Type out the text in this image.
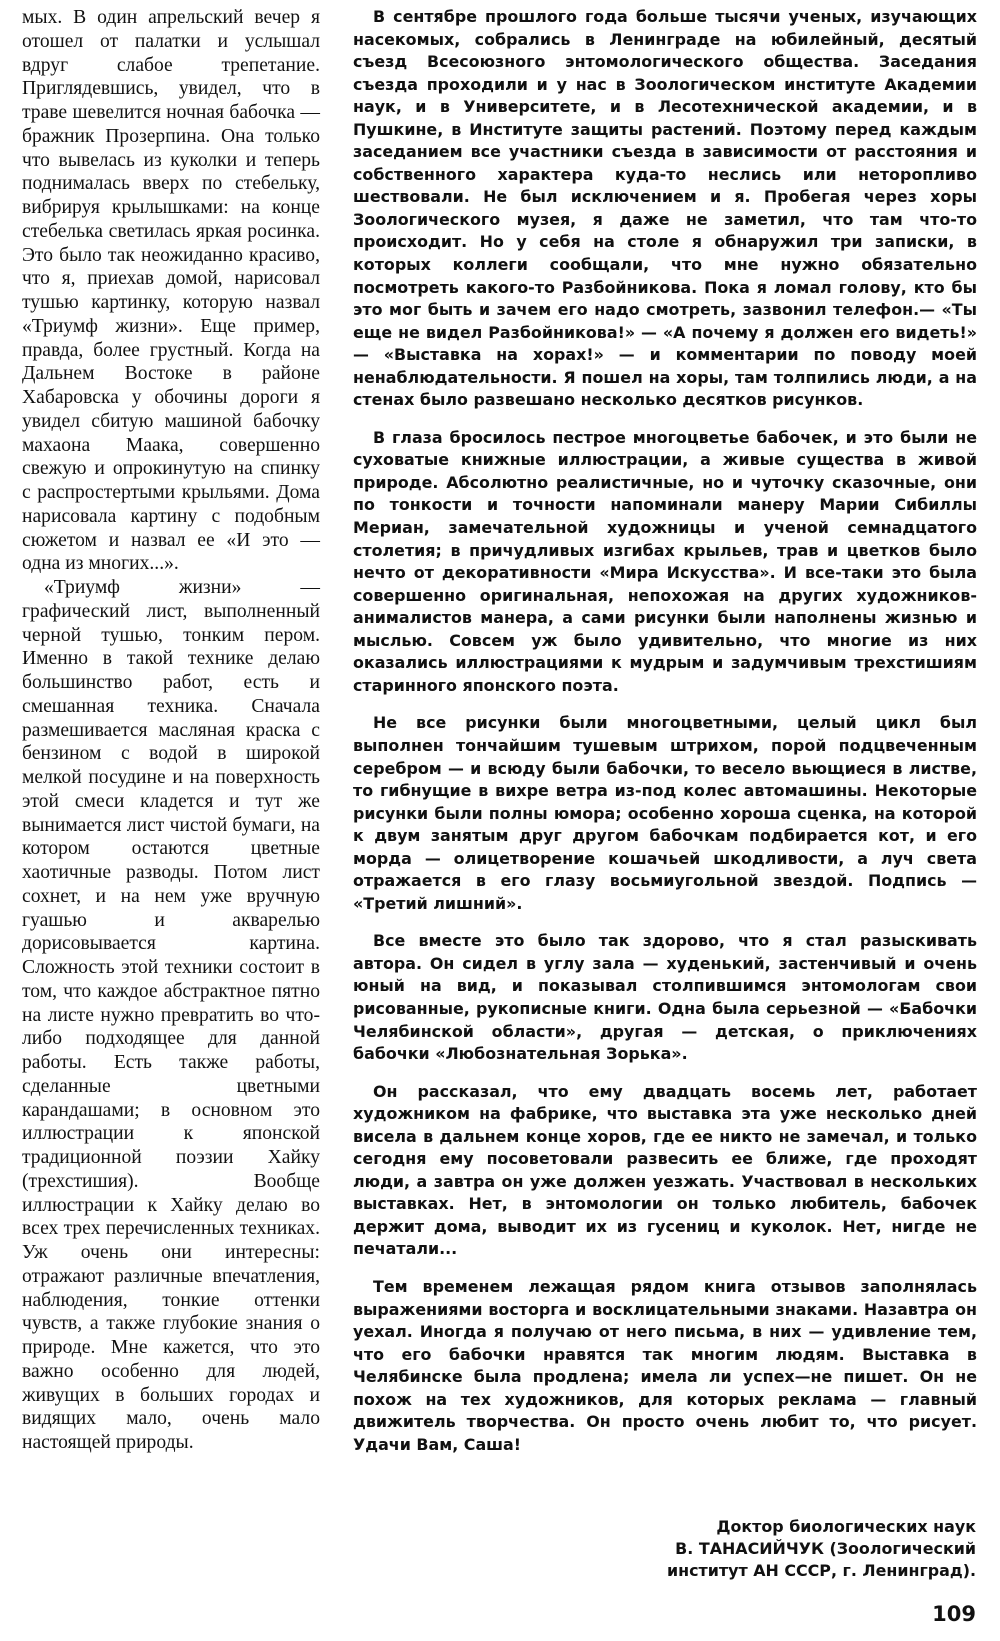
мых. В один апрельский вечер я отошел от палатки и услышал вдруг слабое трепетание. Приглядевшись, увидел, что в траве шевелится ночная бабочка — бражник Прозерпина. Она только что вывелась из куколки и теперь поднималась вверх по стебельку, вибрируя крылышками: на конце стебелька светилась яркая росинка. Это было так неожиданно красиво, что я, приехав домой, нарисовал тушью картинку, которую назвал «Триумф жизни». Еще пример, правда, более грустный. Когда на Дальнем Востоке в районе Хабаровска у обочины дороги я увидел сбитую машиной бабочку махаона Маака, совершенно свежую и опрокинутую на спинку с распростертыми крыльями. Дома нарисовала картину с подобным сюжетом и назвал ее «И это — одна из многих...».

«Триумф жизни» — графический лист, выполненный черной тушью, тонким пером. Именно в такой технике делаю большинство работ, есть и смешанная техника. Сначала размешивается масляная краска с бензином с водой в широкой мелкой посудине и на поверхность этой смеси кладется и тут же вынимается лист чистой бумаги, на котором остаются цветные хаотичные разводы. Потом лист сохнет, и на нем уже вручную гуашью и акварелью дорисовывается картина. Сложность этой техники состоит в том, что каждое абстрактное пятно на листе нужно превратить во что-либо подходящее для данной работы. Есть также работы, сделанные цветными карандашами; в основном это иллюстрации к японской традиционной поэзии Хайку (трехстишия). Вообще иллюстрации к Хайку делаю во всех трех перечисленных техниках. Уж очень они интересны: отражают различные впечатления, наблюдения, тонкие оттенки чувств, а также глубокие знания о природе. Мне кажется, что это важно особенно для людей, живущих в больших городах и видящих мало, очень мало настоящей природы.

В сентябре прошлого года больше тысячи ученых, изучающих насекомых, собрались в Ленинграде на юбилейный, десятый съезд Всесоюзного энтомологического общества. Заседания съезда проходили и у нас в Зоологическом институте Академии наук, и в Университете, и в Лесотехнической академии, и в Пушкине, в Институте защиты растений. Поэтому перед каждым заседанием все участники съезда в зависимости от расстояния и собственного характера куда-то неслись или неторопливо шествовали. Не был исключением и я. Пробегая через хоры Зоологического музея, я даже не заметил, что там что-то происходит. Но у себя на столе я обнаружил три записки, в которых коллеги сообщали, что мне нужно обязательно посмотреть какого-то Разбойникова. Пока я ломал голову, кто бы это мог быть и зачем его надо смотреть, зазвонил телефон.— «Ты еще не видел Разбойникова!» — «А почему я должен его видеть!» — «Выставка на хорах!» — и комментарии по поводу моей ненаблюдательности. Я пошел на хоры, там толпились люди, а на стенах было развешано несколько десятков рисунков.

В глаза бросилось пестрое многоцветье бабочек, и это были не суховатые книжные иллюстрации, а живые существа в живой природе. Абсолютно реалистичные, но и чуточку сказочные, они по тонкости и точности напоминали манеру Марии Сибиллы Мериан, замечательной художницы и ученой семнадцатого столетия; в причудливых изгибах крыльев, трав и цветков было нечто от декоративности «Мира Искусства». И все-таки это была совершенно оригинальная, непохожая на других художников-анималистов манера, а сами рисунки были наполнены жизнью и мыслью. Совсем уж было удивительно, что многие из них оказались иллюстрациями к мудрым и задумчивым трехстишиям старинного японского поэта.

Не все рисунки были многоцветными, целый цикл был выполнен тончайшим тушевым штрихом, порой подцвеченным серебром — и всюду были бабочки, то весело вьющиеся в листве, то гибнущие в вихре ветра из-под колес автомашины. Некоторые рисунки были полны юмора; особенно хороша сценка, на которой к двум занятым друг другом бабочкам подбирается кот, и его морда — олицетворение кошачьей шкодливости, а луч света отражается в его глазу восьмиугольной звездой. Подпись — «Третий лишний».

Все вместе это было так здорово, что я стал разыскивать автора. Он сидел в углу зала — худенький, застенчивый и очень юный на вид, и показывал столпившимся энтомологам свои рисованные, рукописные книги. Одна была серьезной — «Бабочки Челябинской области», другая — детская, о приключениях бабочки «Любознательная Зорька».

Он рассказал, что ему двадцать восемь лет, работает художником на фабрике, что выставка эта уже несколько дней висела в дальнем конце хоров, где ее никто не замечал, и только сегодня ему посоветовали развесить ее ближе, где проходят люди, а завтра он уже должен уезжать. Участвовал в нескольких выставках. Нет, в энтомологии он только любитель, бабочек держит дома, выводит их из гусениц и куколок. Нет, нигде не печатали...

Тем временем лежащая рядом книга отзывов заполнялась выражениями восторга и восклицательными знаками. Назавтра он уехал. Иногда я получаю от него письма, в них — удивление тем, что его бабочки нравятся так многим людям. Выставка в Челябинске была продлена; имела ли успех—не пишет. Он не похож на тех художников, для которых реклама — главный движитель творчества. Он просто очень любит то, что рисует. Удачи Вам, Саша!

Доктор биологических наук
В. ТАНАСИЙЧУК (Зоологический
институт АН СССР, г. Ленинград).
109
